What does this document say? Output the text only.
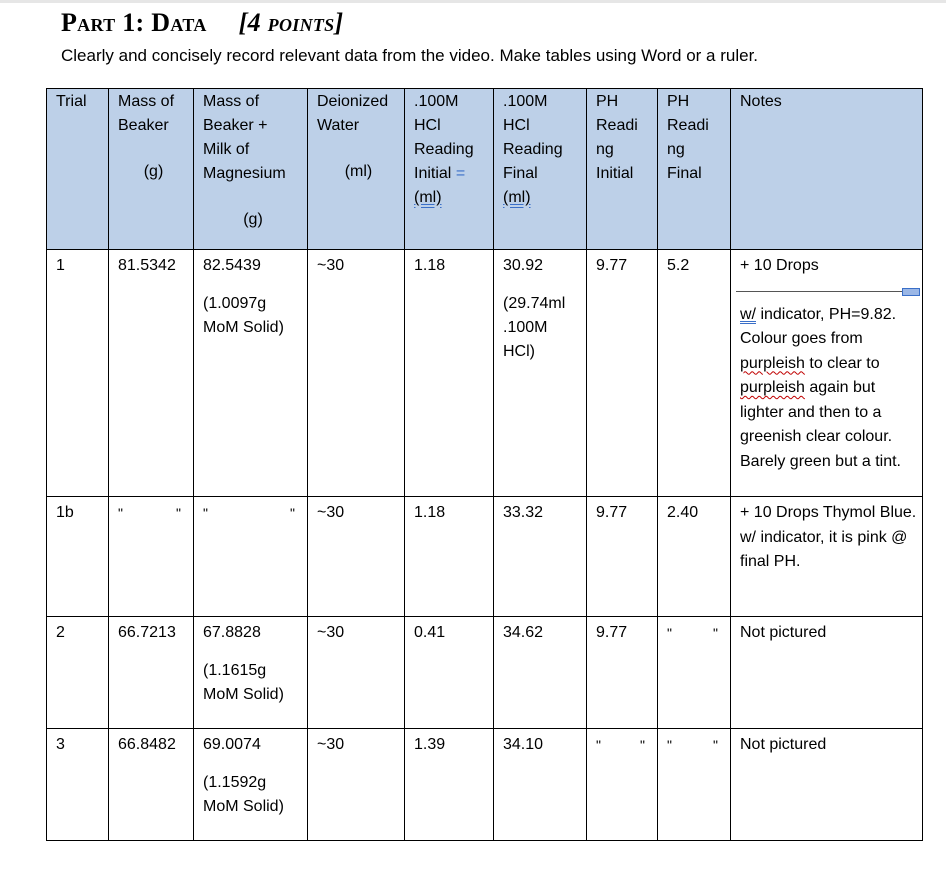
Part 1: Data [4 points]

Clearly and concisely record relevant data from the video. Make tables using Word or a ruler.

Trial	Mass of
Beaker
(g)	Mass of
Beaker +
Milk of
Magnesium
(g)	Deionized
Water
(ml)	.100M
HCl
Reading
Initial =
(ml)	.100M
HCl
Reading
Final
(ml)	PH
Readi
ng
Initial	PH
Readi
ng
Final	Notes

1	81.5342	82.5439
(1.0097g
MoM Solid)	~30	1.18	30.92
(29.74ml
.100M
HCl)	9.77	5.2	+ 10 Drops
w/ indicator, PH=9.82. Colour goes from purpleish to clear to purpleish again but lighter and then to a greenish clear colour. Barely green but a tint.
1b	" "	" "	~30	1.18	33.32	9.77	2.40	+ 10 Drops Thymol Blue.
w/ indicator, it is pink @ final PH.

2	66.7213	67.8828
(1.1615g
MoM Solid)	~30	0.41	34.62	9.77	" "	Not pictured
3	66.8482	69.0074
(1.1592g
MoM Solid)	~30	1.39	34.10	" "	" "	Not pictured
